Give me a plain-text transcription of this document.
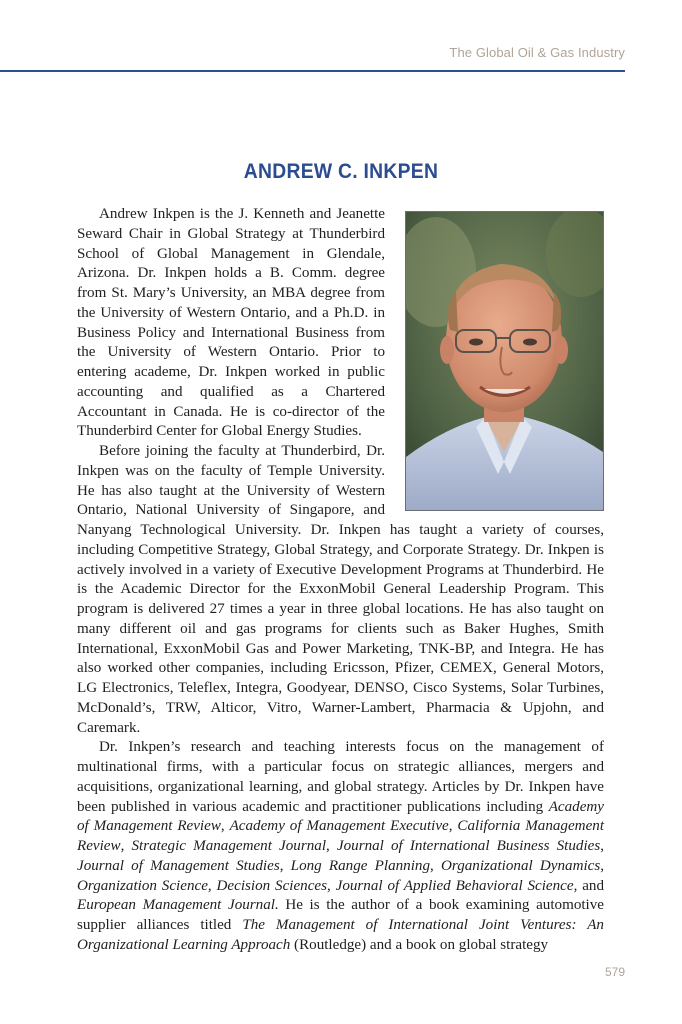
The Global Oil & Gas Industry
ANDREW C. INKPEN

Andrew Inkpen is the J. Kenneth and Jeanette Seward Chair in Global Strategy at Thunderbird School of Global Management in Glendale, Arizona. Dr. Inkpen holds a B. Comm. degree from St. Mary’s University, an MBA degree from the University of Western Ontario, and a Ph.D. in Business Policy and International Business from the University of Western Ontario. Prior to entering academe, Dr. Inkpen worked in public accounting and qualified as a Chartered Accountant in Canada. He is co-director of the Thunderbird Center for Global Energy Studies.

Before joining the faculty at Thunderbird, Dr. Inkpen was on the faculty of Temple University. He has also taught at the University of Western Ontario, National University of Singapore, and Nanyang Technological University. Dr. Inkpen has taught a variety of courses, including Competitive Strategy, Global Strategy, and Corporate Strategy. Dr. Inkpen is actively involved in a variety of Executive Development Programs at Thunderbird. He is the Academic Director for the ExxonMobil General Leadership Program. This program is delivered 27 times a year in three global locations. He has also taught on many different oil and gas programs for clients such as Baker Hughes, Smith International, ExxonMobil Gas and Power Marketing, TNK-BP, and Integra. He has also worked other companies, including Ericsson, Pfizer, CEMEX, General Motors, LG Electronics, Teleflex, Integra, Goodyear, DENSO, Cisco Systems, Solar Turbines, McDonald’s, TRW, Alticor, Vitro, Warner-Lambert, Pharmacia & Upjohn, and Caremark.

Dr. Inkpen’s research and teaching interests focus on the management of multinational firms, with a particular focus on strategic alliances, mergers and acquisitions, organizational learning, and global strategy. Articles by Dr. Inkpen have been published in various academic and practitioner publications including Academy of Management Review, Academy of Management Executive, California Management Review, Strategic Management Journal, Journal of International Business Studies, Journal of Management Studies, Long Range Planning, Organizational Dynamics, Organization Science, Decision Sciences, Journal of Applied Behavioral Science, and European Management Journal. He is the author of a book examining automotive supplier alliances titled The Management of International Joint Ventures: An Organizational Learning Approach (Routledge) and a book on global strategy

579
